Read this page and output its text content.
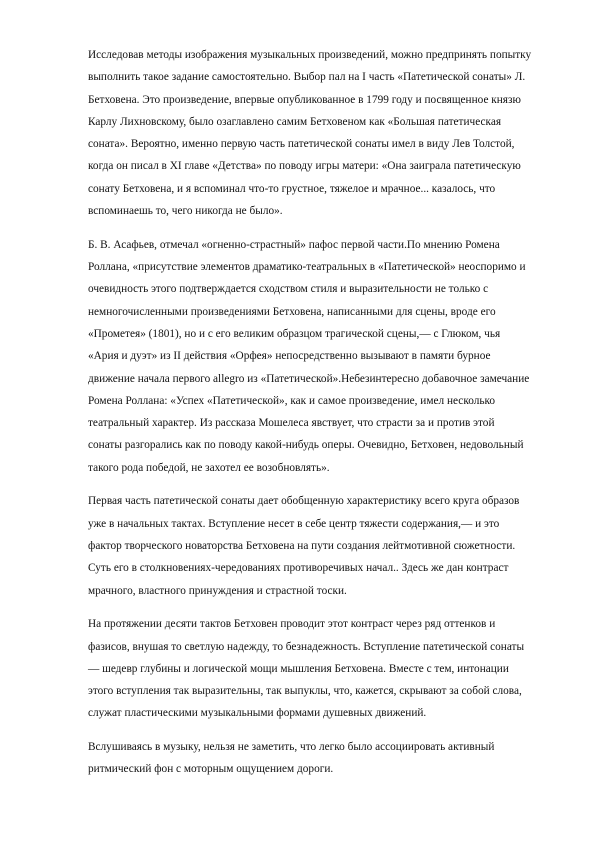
Исследовав методы изображения музыкальных произведений, можно предпринять попытку
выполнить такое задание самостоятельно. Выбор пал на I часть «Патетической сонаты» Л.
Бетховена. Это произведение, впервые опубликованное в 1799 году и посвященное князю
Карлу Лихновскому, было озаглавлено самим Бетховеном как «Большая патетическая
соната». Вероятно, именно первую часть патетической сонаты имел в виду Лев Толстой,
когда он писал в XI главе «Детства» по поводу игры матери: «Она заиграла патетическую
сонату Бетховена, и я вспоминал что-то грустное, тяжелое и мрачное... казалось, что
вспоминаешь то, чего никогда не было».

Б. В. Асафьев, отмечал «огненно-страстный» пафос первой части.По мнению Ромена
Роллана, «присутствие элементов драматико-театральных в «Патетической» неоспоримо и
очевидность этого подтверждается сходством стиля и выразительности не только с
немногочисленными произведениями Бетховена, написанными для сцены, вроде его
«Прометея» (1801), но и с его великим образцом трагической сцены,— с Глюком, чья
«Ария и дуэт» из II действия «Орфея» непосредственно вызывают в памяти бурное
движение начала первого allegro из «Патетической».Небезинтересно добавочное замечание
Ромена Роллана: «Успех «Патетической», как и самое произведение, имел несколько
театральный характер. Из рассказа Мошелеса явствует, что страсти за и против этой
сонаты разгорались как по поводу какой-нибудь оперы. Очевидно, Бетховен, недовольный
такого рода победой, не захотел ее возобновлять».

Первая часть патетической сонаты дает обобщенную характеристику всего круга образов
уже в начальных тактах. Вступление несет в себе центр тяжести содержания,— и это
фактор творческого новаторства Бетховена на пути создания лейтмотивной сюжетности.
Суть его в столкновениях-чередованиях противоречивых начал.. Здесь же дан контраст
мрачного, властного принуждения и страстной тоски.

На протяжении десяти тактов Бетховен проводит этот контраст через ряд оттенков и
фазисов, внушая то светлую надежду, то безнадежность. Вступление патетической сонаты
— шедевр глубины и логической мощи мышления Бетховена. Вместе с тем, интонации
этого вступления так выразительны, так выпуклы, что, кажется, скрывают за собой слова,
служат пластическими музыкальными формами душевных движений.

Вслушиваясь в музыку, нельзя не заметить, что легко было ассоциировать активный
ритмический фон с моторным ощущением дороги.
